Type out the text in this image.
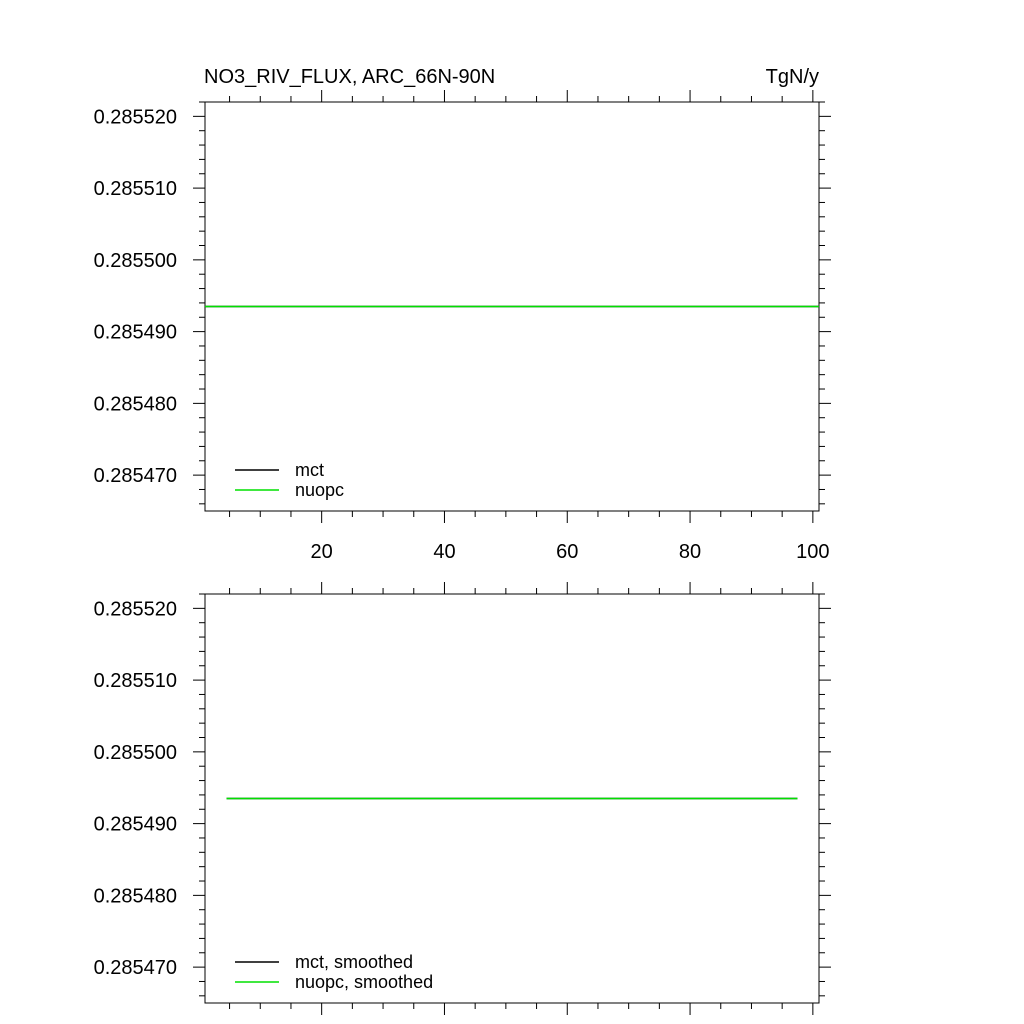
NO3_RIV_FLUX, ARC_66N-90N	TgN/y
0.285470
0.285480
0.285490
0.285500
0.285510
0.285520
20	40	60	80	100
mct
nuopc
0.285470
0.285480
0.285490
0.285500
0.285510
0.285520
mct, smoothed
nuopc, smoothed
